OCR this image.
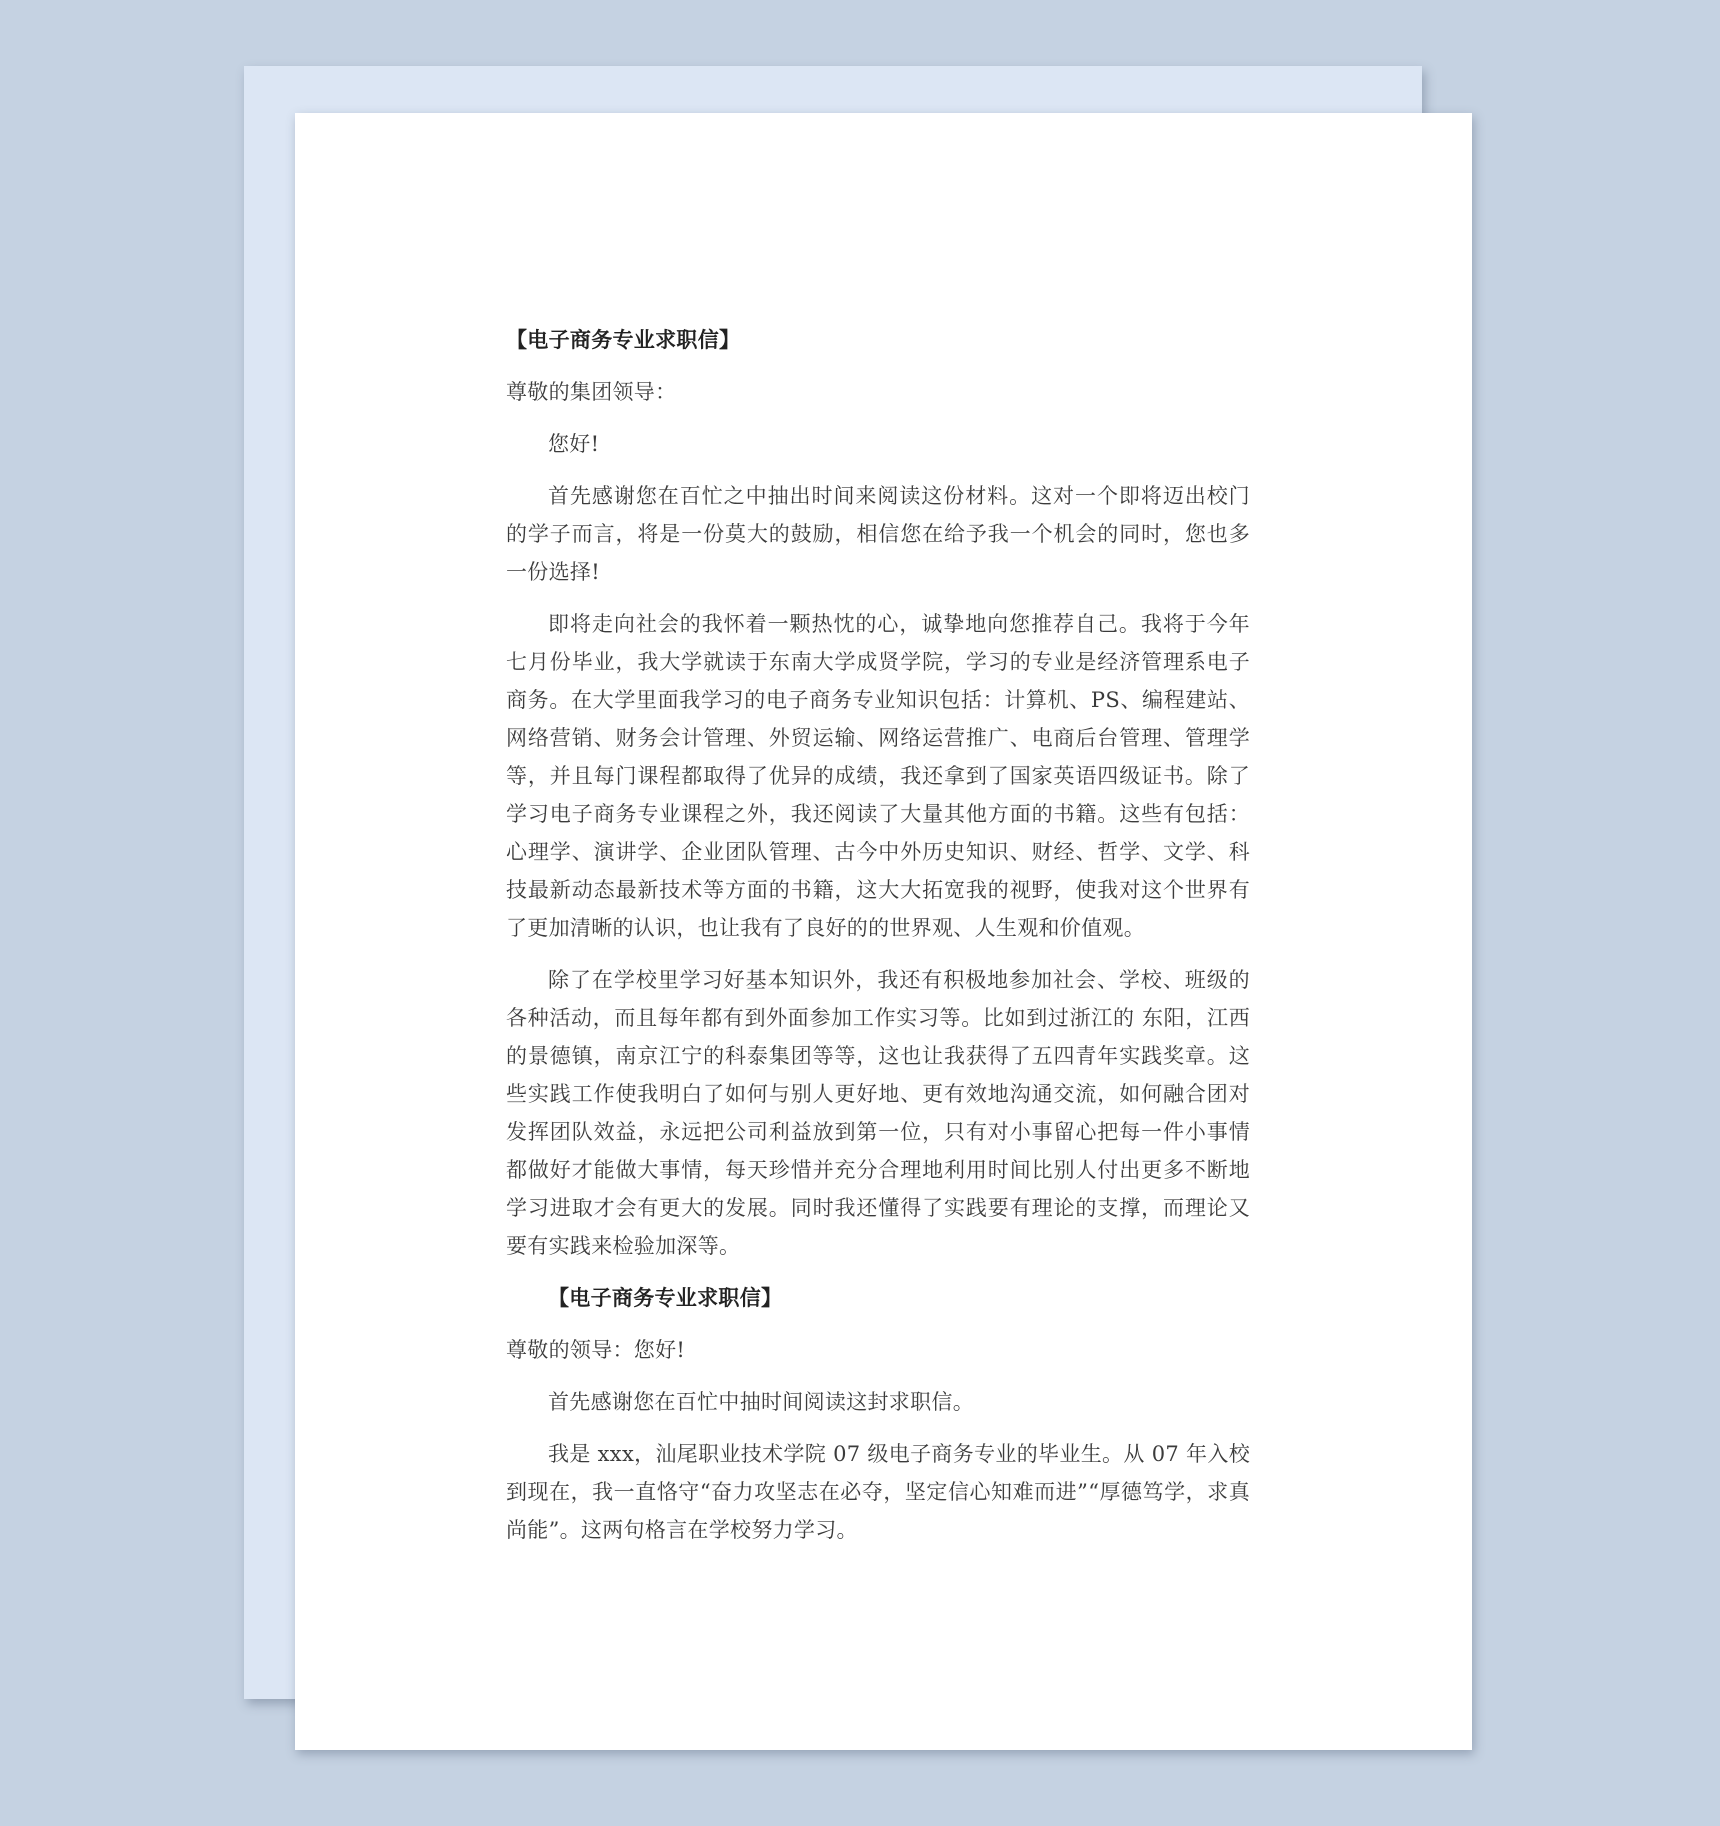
【电子商务专业求职信】

尊敬的集团领导：

您好!

首先感谢您在百忙之中抽出时间来阅读这份材料。这对一个即将迈出校门的学子而言，将是一份莫大的鼓励，相信您在给予我一个机会的同时，您也多一份选择!

即将走向社会的我怀着一颗热忱的心，诚挚地向您推荐自己。我将于今年七月份毕业，我大学就读于东南大学成贤学院，学习的专业是经济管理系电子商务。在大学里面我学习的电子商务专业知识包括：计算机、PS、编程建站、网络营销、财务会计管理、外贸运输、网络运营推广、电商后台管理、管理学等，并且每门课程都取得了优异的成绩，我还拿到了国家英语四级证书。除了学习电子商务专业课程之外，我还阅读了大量其他方面的书籍。这些有包括：心理学、演讲学、企业团队管理、古今中外历史知识、财经、哲学、文学、科技最新动态最新技术等方面的书籍，这大大拓宽我的视野，使我对这个世界有了更加清晰的认识，也让我有了良好的的世界观、人生观和价值观。

除了在学校里学习好基本知识外，我还有积极地参加社会、学校、班级的各种活动，而且每年都有到外面参加工作实习等。比如到过浙江的 东阳，江西的景德镇，南京江宁的科泰集团等等，这也让我获得了五四青年实践奖章。这些实践工作使我明白了如何与别人更好地、更有效地沟通交流，如何融合团对发挥团队效益，永远把公司利益放到第一位，只有对小事留心把每一件小事情都做好才能做大事情，每天珍惜并充分合理地利用时间比别人付出更多不断地学习进取才会有更大的发展。同时我还懂得了实践要有理论的支撑，而理论又要有实践来检验加深等。

【电子商务专业求职信】

尊敬的领导：您好!

首先感谢您在百忙中抽时间阅读这封求职信。

我是 xxx，汕尾职业技术学院 07 级电子商务专业的毕业生。从 07 年入校到现在，我一直恪守“奋力攻坚志在必夺，坚定信心知难而进”“厚德笃学，求真尚能”。这两句格言在学校努力学习。
